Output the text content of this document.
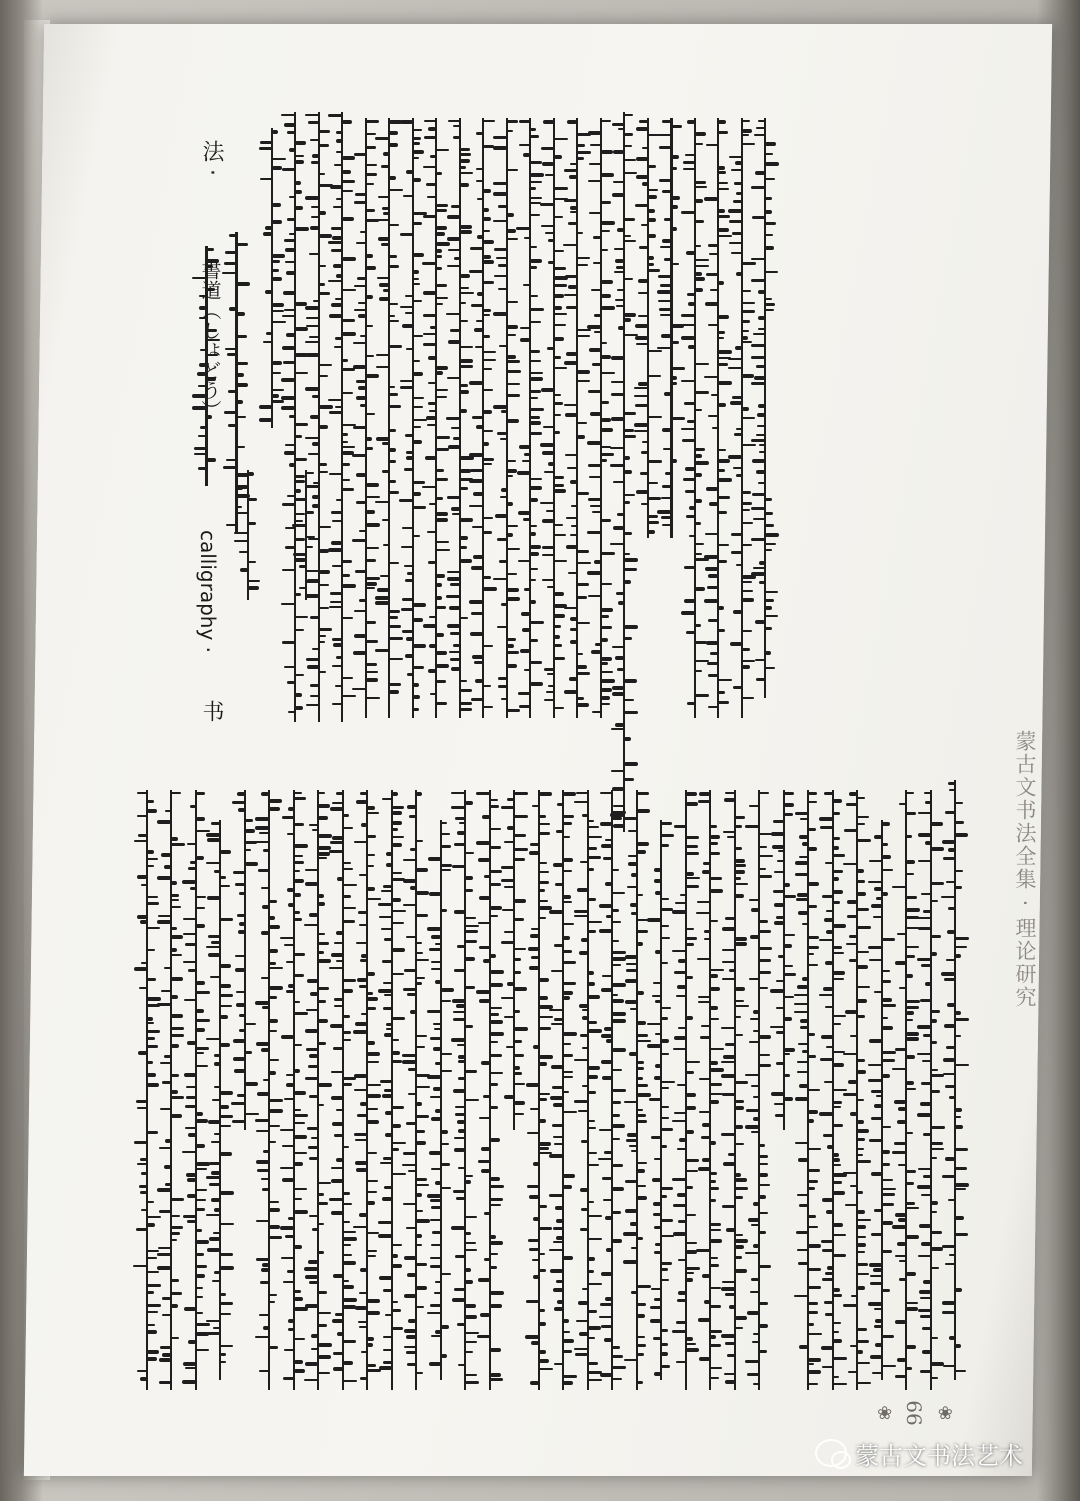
蒙古文书法全集 · 理论研究
❀ 99 ❀
法 ·
書道（しょどう）
calligraphy ·
书
蒙古文书法艺术
